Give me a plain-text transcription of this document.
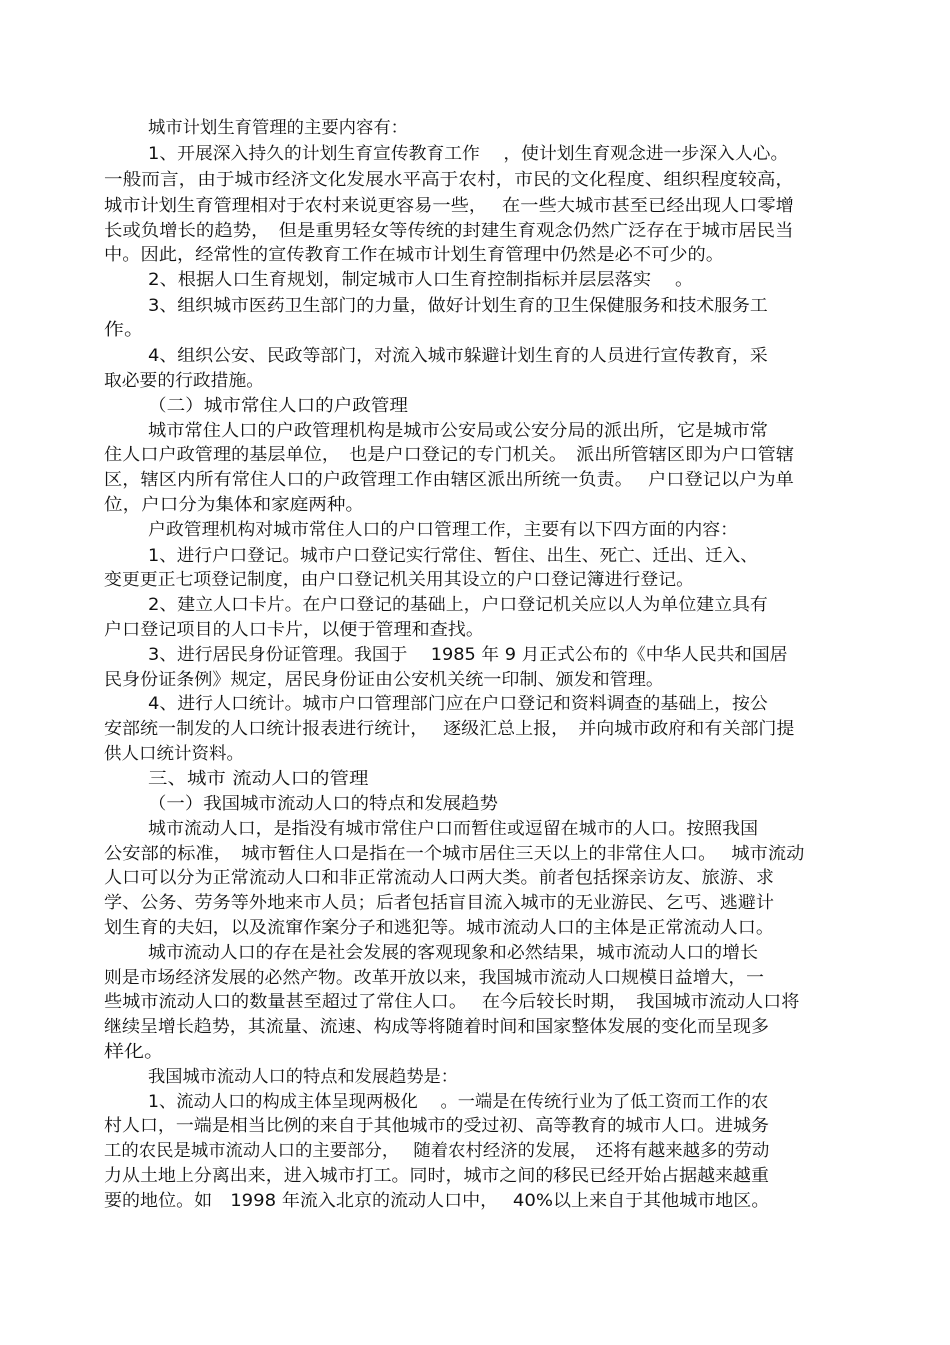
城市计划生育管理的主要内容有：
1、开展深入持久的计划生育宣传教育工作　 ，使计划生育观念进一步深入人心。
一般而言，由于城市经济文化发展水平高于农村，市民的文化程度、组织程度较高，
城市计划生育管理相对于农村来说更容易一些，　 在一些大城市甚至已经出现人口零增
长或负增长的趋势，　但是重男轻女等传统的封建生育观念仍然广泛存在于城市居民当
中。因此，经常性的宣传教育工作在城市计划生育管理中仍然是必不可少的。
2、根据人口生育规划，制定城市人口生育控制指标并层层落实　 。
3、组织城市医药卫生部门的力量，做好计划生育的卫生保健服务和技术服务工
作。
4、组织公安、民政等部门，对流入城市躲避计划生育的人员进行宣传教育，采
取必要的行政措施。
（二）城市常住人口的户政管理
城市常住人口的户政管理机构是城市公安局或公安分局的派出所，它是城市常
住人口户政管理的基层单位，　也是户口登记的专门机关。　派出所管辖区即为户口管辖
区，辖区内所有常住人口的户政管理工作由辖区派出所统一负责。　 户口登记以户为单
位，户口分为集体和家庭两种。
户政管理机构对城市常住人口的户口管理工作，主要有以下四方面的内容：
1、进行户口登记。城市户口登记实行常住、暂住、出生、死亡、迁出、迁入、
变更更正七项登记制度，由户口登记机关用其设立的户口登记簿进行登记。
2、建立人口卡片。在户口登记的基础上，户口登记机关应以人为单位建立具有
户口登记项目的人口卡片，以便于管理和查找。
3、进行居民身份证管理。我国于　 1985 年 9 月正式公布的《中华人民共和国居
民身份证条例》规定，居民身份证由公安机关统一印制、颁发和管理。
4、进行人口统计。城市户口管理部门应在户口登记和资料调查的基础上，按公
安部统一制发的人口统计报表进行统计，　 逐级汇总上报，　并向城市政府和有关部门提
供人口统计资料。
三、城市 流动人口的管理
（一）我国城市流动人口的特点和发展趋势
城市流动人口，是指没有城市常住户口而暂住或逗留在城市的人口。按照我国
公安部的标准，　城市暂住人口是指在一个城市居住三天以上的非常住人口。　 城市流动
人口可以分为正常流动人口和非正常流动人口两大类。前者包括探亲访友、旅游、求
学、公务、劳务等外地来市人员；后者包括盲目流入城市的无业游民、乞丐、逃避计
划生育的夫妇，以及流窜作案分子和逃犯等。城市流动人口的主体是正常流动人口。
城市流动人口的存在是社会发展的客观现象和必然结果，城市流动人口的增长
则是市场经济发展的必然产物。改革开放以来，我国城市流动人口规模日益增大，一
些城市流动人口的数量甚至超过了常住人口。　 在今后较长时期，　我国城市流动人口将
继续呈增长趋势，其流量、流速、构成等将随着时间和国家整体发展的变化而呈现多
样化。
我国城市流动人口的特点和发展趋势是：
1、流动人口的构成主体呈现两极化　 。一端是在传统行业为了低工资而工作的农
村人口，一端是相当比例的来自于其他城市的受过初、高等教育的城市人口。进城务
工的农民是城市流动人口的主要部分，　 随着农村经济的发展，　还将有越来越多的劳动
力从土地上分离出来，进入城市打工。同时，城市之间的移民已经开始占据越来越重
要的地位。如　1998 年流入北京的流动人口中，　 40%以上来自于其他城市地区。
